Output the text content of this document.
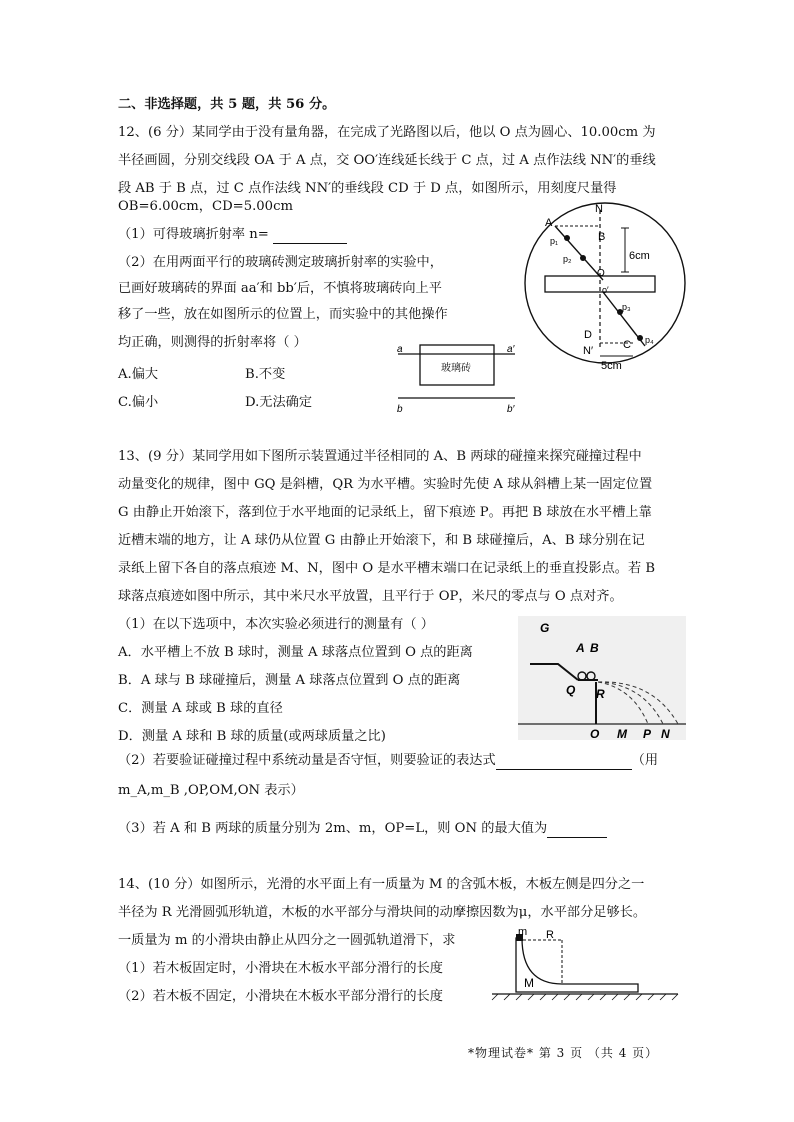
二、非选择题，共 5 题，共 56 分。
12、(6 分）某同学由于没有量角器，在完成了光路图以后，他以 O 点为圆心、10.00cm 为
半径画圆，分别交线段 OA 于 A 点，交 OO′连线延长线于 C 点，过 A 点作法线 NN′的垂线
段 AB 于 B 点，过 C 点作法线 NN′的垂线段 CD 于 D 点，如图所示，用刻度尺量得
OB=6.00cm，CD=5.00cm
（1）可得玻璃折射率 n=
（2）在用两面平行的玻璃砖测定玻璃折射率的实验中，
已画好玻璃砖的界面 aa′和 bb′后，不慎将玻璃砖向上平
移了一些，放在如图所示的位置上，而实验中的其他操作
均正确，则测得的折射率将（ ）
A.偏大	B.不变
C.偏小	D.无法确定
N
A
B
p₁
p₂
O
o′
p₃
D
C p₄
N′
6cm
5cm
a	a′
b	b′
玻璃砖
13、(9 分）某同学用如下图所示装置通过半径相同的 A、B 两球的碰撞来探究碰撞过程中
动量变化的规律，图中 GQ 是斜槽，QR 为水平槽。实验时先使 A 球从斜槽上某一固定位置
G 由静止开始滚下，落到位于水平地面的记录纸上，留下痕迹 P。再把 B 球放在水平槽上靠
近槽末端的地方，让 A 球仍从位置 G 由静止开始滚下，和 B 球碰撞后，A、B 球分别在记
录纸上留下各自的落点痕迹 M、N，图中 O 是水平槽末端口在记录纸上的垂直投影点。若 B
球落点痕迹如图中所示，其中米尺水平放置，且平行于 OP，米尺的零点与 O 点对齐。
（1）在以下选项中，本次实验必须进行的测量有（ ）
A．水平槽上不放 B 球时，测量 A 球落点位置到 O 点的距离
B．A 球与 B 球碰撞后，测量 A 球落点位置到 O 点的距离
C．测量 A 球或 B 球的直径
D．测量 A 球和 B 球的质量(或两球质量之比)
（2）若要验证碰撞过程中系统动量是否守恒，则要验证的表达式	（用
m_A,m_B ,OP,OM,ON 表示）
（3）若 A 和 B 两球的质量分别为 2m、m，OP=L，则 ON 的最大值为
G
A B
Q R
O M P N
14、(10 分）如图所示，光滑的水平面上有一质量为 M 的含弧木板，木板左侧是四分之一
半径为 R 光滑圆弧形轨道，木板的水平部分与滑块间的动摩擦因数为μ，水平部分足够长。
一质量为 m 的小滑块由静止从四分之一圆弧轨道滑下，求
（1）若木板固定时，小滑块在木板水平部分滑行的长度
（2）若木板不固定，小滑块在木板水平部分滑行的长度
m R
M
*物理试卷* 第 3 页 （共 4 页）
